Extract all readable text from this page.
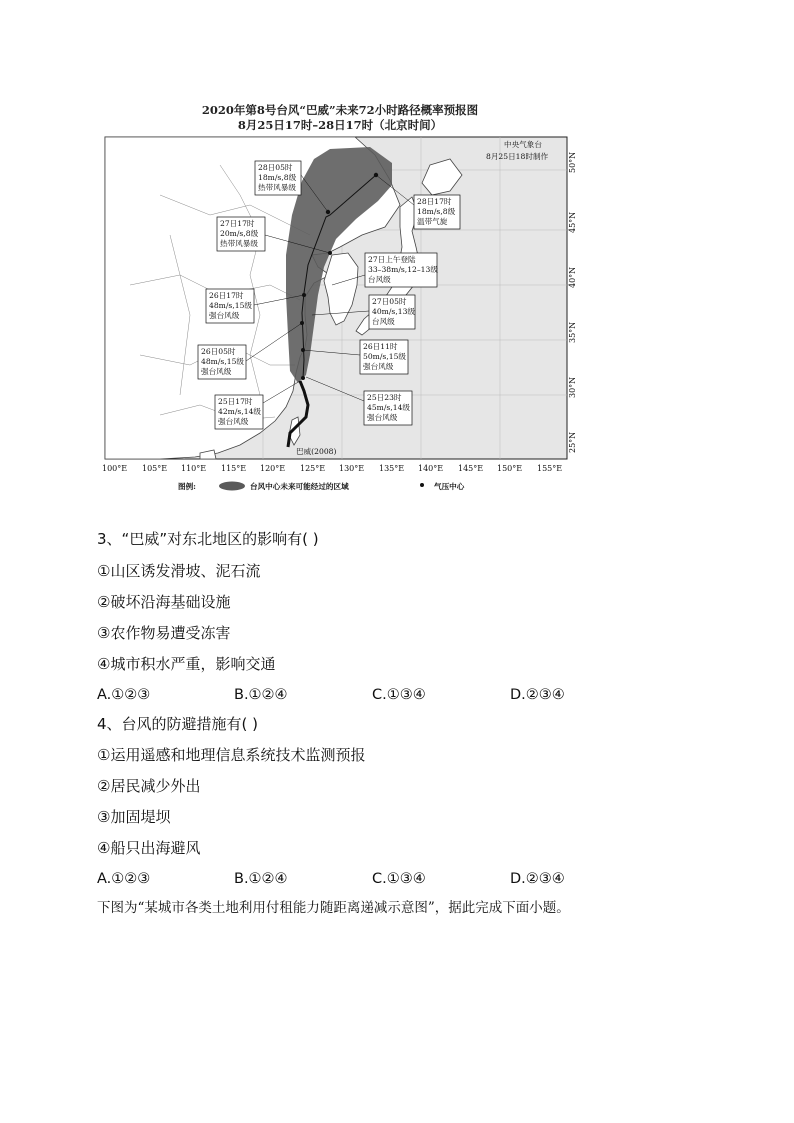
2020年第8号台风“巴威”未来72小时路径概率预报图
8月25日17时–28日17时（北京时间）
中央气象台
8月25日18时制作
28日05时
18m/s,8级
热带风暴级
28日17时
18m/s,8级
温带气旋
27日17时
20m/s,8级
热带风暴级
27日上午登陆
33–38m/s,12–13级
台风级
26日17时
48m/s,15级
强台风级
27日05时
40m/s,13级
台风级
26日11时
50m/s,15级
强台风级
26日05时
48m/s,15级
强台风级
25日23时
45m/s,14级
强台风级
25日17时
42m/s,14级
强台风级
巴威(2008)
50°N
45°N
40°N
35°N
30°N
25°N
100°E 105°E 110°E 115°E 120°E 125°E 130°E 135°E 140°E 145°E 150°E 155°E
图例:	台风中心未来可能经过的区域	气压中心
3、“巴威”对东北地区的影响有( )
①山区诱发滑坡、泥石流
②破坏沿海基础设施
③农作物易遭受冻害
④城市积水严重，影响交通
A.①②③	B.①②④	C.①③④	D.②③④
4、台风的防避措施有( )
①运用遥感和地理信息系统技术监测预报
②居民减少外出
③加固堤坝
④船只出海避风
A.①②③	B.①②④	C.①③④	D.②③④
下图为“某城市各类土地利用付租能力随距离递减示意图”，据此完成下面小题。
